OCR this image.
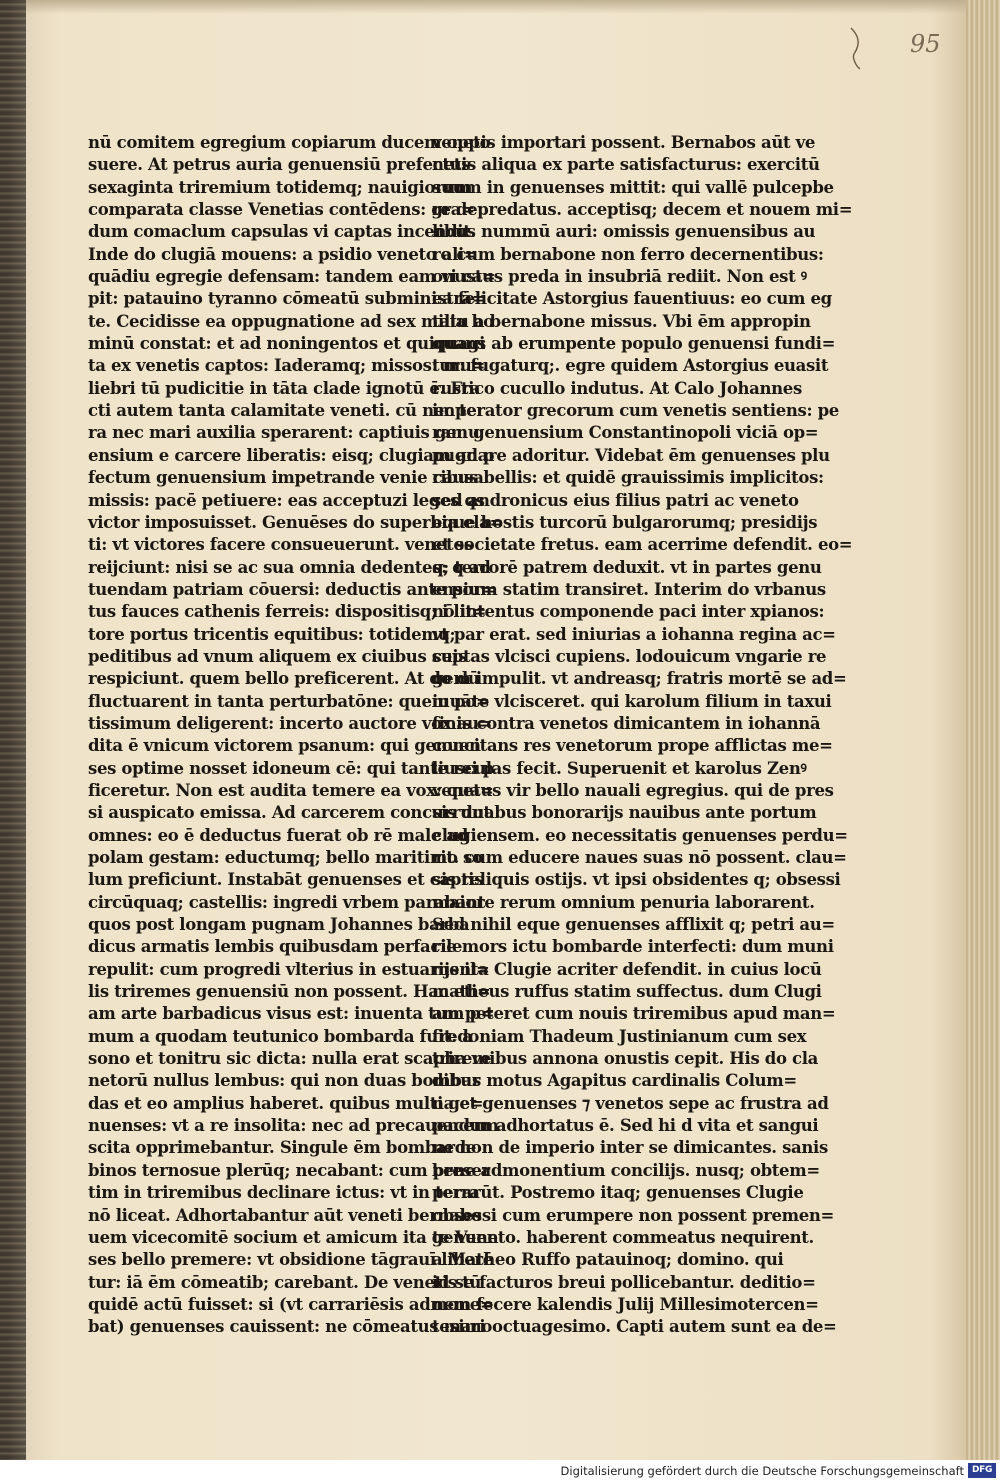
95
nū comitem egregium copiarum ducem oppo
suere. At petrus auria genuensiū prefectus
sexaginta triremium totidemq; nauigiorum
comparata classe Venetias contēdens: gra=
dum comaclum capsulas vi captas incendit.
Inde do clugiā mouens: a psidio veneto ali=
quādiu egregie defensam: tandem eam vi ca=
pit: patauino tyranno cōmeatū subministrā=
te. Cecidisse ea oppugnatione ad sex milia ho
minū constat: et ad noningentos et quiquagi
ta ex venetis captos: Iaderamq; missos: mu=
liebri tū pudicitie in tāta clade ignotū ē. Fra
cti autem tanta calamitate veneti. cū nec ter
ra nec mari auxilia sperarent: captiuis genu
ensium e carcere liberatis: eisq; clugiam ad p
fectum genuensium impetrande venie causa
missis: pacē petiuere: eas acceptuzi leges qs
victor imposuisset. Genuēses do superbia ela=
ti: vt victores facere consueuerunt. venetos
reijciunt: nisi se ac sua omnia dedentes: q ad
tuendam patriam cōuersi: deductis ante por=
tus fauces cathenis ferreis: dispositisq; i lit=
tore portus tricentis equitibus: totidemq;
peditibus ad vnum aliquem ex ciuibus suis
respiciunt. quem bello preficerent. At do dū
fluctuarent in tanta perturbatōne: quem po=
tissimum deligerent: incerto auctore vox au=
dita ē vnicum victorem psanum: qui genuen
ses optime nosset idoneum cē: qui tante rei p
ficeretur. Non est audita temere ea vox: qua=
si auspicato emissa. Ad carcerem concurrunt
omnes: eo ē deductus fuerat ob rē male ad
polam gestam: eductumq; bello maritimo so
lum preficiunt. Instabāt genuenses et captis
circūquaq; castellis: ingredi vrbem parabant
quos post longam pugnam Johannes barba
dicus armatis lembis quibusdam perfacile
repulit: cum progredi vlterius in estuarijs il=
lis triremes genuensiū non possent. Hac eti=
am arte barbadicus visus est: inuenta tum p=
mum a quodam teutunico bombarda fuit: a
sono et tonitru sic dicta: nulla erat scapha ve
netorū nullus lembus: qui non duas bombar
das et eo amplius haberet. quibus multi ge=
nuenses: vt a re insolita: nec ad precauendum
scita opprimebantur. Singule ēm bombarde
binos ternosue plerūq; necabant: cum preser
tim in triremibus declinare ictus: vt in terra
nō liceat. Adhortabantur aūt veneti bernabo
uem vicecomitē socium et amicum ita genuen
ses bello premere: vt obsidione tāgrauī liberē
tur: iā ēm cōmeatib; carebant. De venetis tū
quidē actū fuisset: si (vt carrariēsis admone=
bat) genuenses cauissent: ne cōmeatus mari
venetis importari possent. Bernabos aūt ve
netis aliqua ex parte satisfacturus: exercitū
suum in genuenses mittit: qui vallē pulcepbe
re depredatus. acceptisq; decem et nouem mi=
libus nummū auri: omissis genuensibus au
ro cum bernabone non ferro decernentibus:
onustus preda in insubriā rediit. Non est ꝰ
ea felicitate Astorgius fauentiuus: eo cum eg
tatu a bernabone missus. Vbi ēm appropin
quans ab erumpente populo genuensi fundi=
tur: fugaturq;. egre quidem Astorgius euasit
rustico cucullo indutus. At Calo Johannes
imperator grecorum cum venetis sentiens: pe
ram genuensium Constantinopoli viciā op=
pugnare adoritur. Videbat ēm genuenses plu
ribus bellis: et quidē grauissimis implicitos:
sed andronicus eius filius patri ac veneto
eque hostis turcorū bulgarorumq; presidijs
et societate fretus. eam acerrime defendit. eo=
q; terrorē patrem deduxit. vt in partes genu
ensium statim transiret. Interim do vrbanus
nō intentus componende paci inter xpianos:
vt par erat. sed iniurias a iohanna regina ac=
ceptas vlcisci cupiens. lodouicum vngarie re
gem impulit. vt andreasq; fratris mortē se ad=
iuuāte vlcisceret. qui karolum filium in taxui
finis contra venetos dimicantem in iohannā
concitans res venetorum prope afflictas me=
liusculas fecit. Superuenit et karolus Zenꝰ
venetus vir bello nauali egregius. qui de pres
sis duabus bonorarijs nauibus ante portum
clugiensem. eo necessitatis genuenses perdu=
rit. cum educere naues suas nō possent. clau=
sis reliquis ostijs. vt ipsi obsidentes q; obsessi
maiore rerum omnium penuria laborarent.
Sed nihil eque genuenses afflixit q; petri au=
rie mors ictu bombarde interfecti: dum muni
menta Clugie acriter defendit. in cuius locū
matheus ruffus statim suffectus. dum Clugi
am peteret cum nouis triremibus apud man=
fredoniam Thadeum Justinianum cum sex
triremibus annona onustis cepit. His do cla
dibus motus Agapitus cardinalis Colum=
na et genuenses ⁊ venetos sepe ac frustra ad
pacem adhortatus ē. Sed hi d vita et sangui
ne non de imperio inter se dimicantes. sanis
bene admonentium concilijs. nusq; obtem=
perarūt. Postremo itaq; genuenses Clugie
obsessi cum erumpere non possent premen=
te Veneto. haberent commeatus nequirent.
a Matheo Ruffo patauinoq; domino. qui
id se facturos breui pollicebantur. deditio=
nem fecere kalendis Julij Millesimotercen=
tesimooctuagesimo. Capti autem sunt ea de=
Digitalisierung gefördert durch die Deutsche Forschungsgemeinschaft DFG
